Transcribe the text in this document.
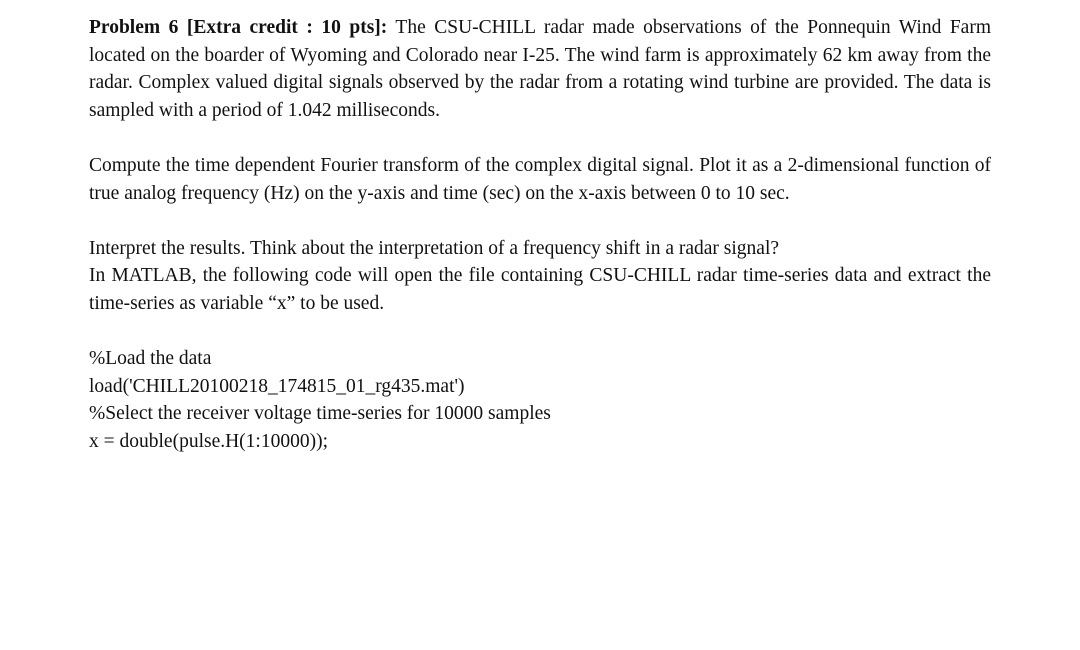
Problem 6 [Extra credit : 10 pts]: The CSU-CHILL radar made observations of the Ponnequin Wind Farm located on the boarder of Wyoming and Colorado near I-25. The wind farm is approximately 62 km away from the radar. Complex valued digital signals observed by the radar from a rotating wind turbine are provided. The data is sampled with a period of 1.042 milliseconds.

Compute the time dependent Fourier transform of the complex digital signal. Plot it as a 2-dimensional function of true analog frequency (Hz) on the y-axis and time (sec) on the x-axis between 0 to 10 sec.

Interpret the results. Think about the interpretation of a frequency shift in a radar signal?

In MATLAB, the following code will open the file containing CSU-CHILL radar time-series data and extract the time-series as variable “x” to be used.

%Load the data

load('CHILL20100218_174815_01_rg435.mat')

%Select the receiver voltage time-series for 10000 samples

x = double(pulse.H(1:10000));
